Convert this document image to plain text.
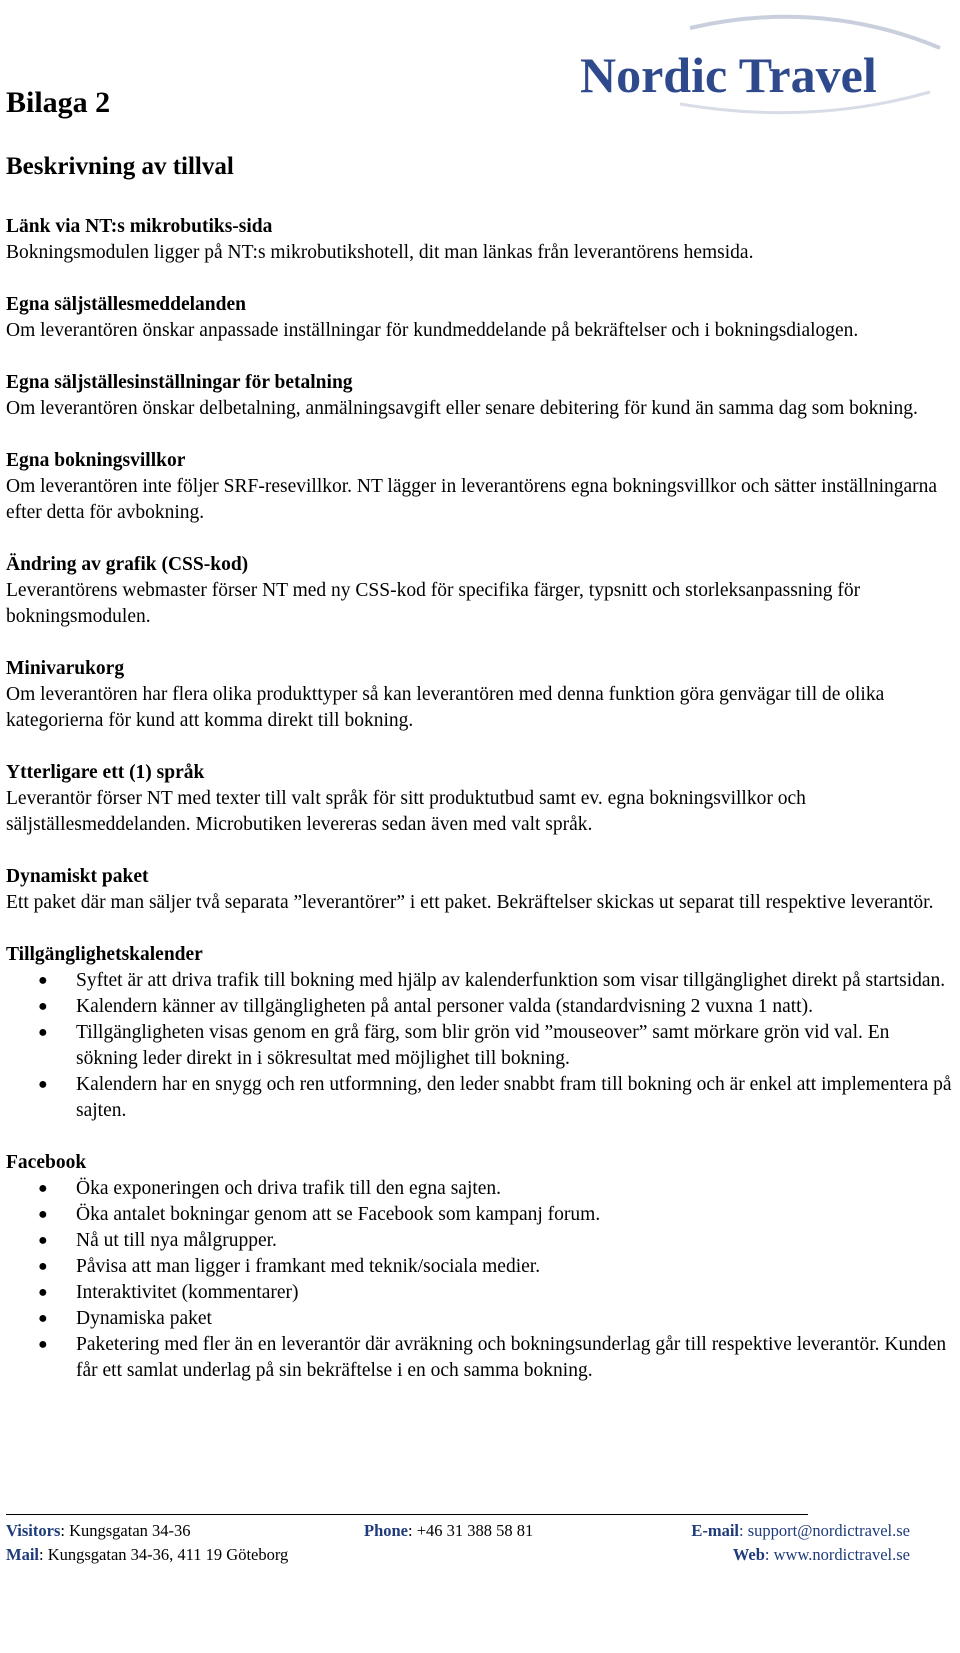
Nordic Travel
Bilaga 2
Beskrivning av tillval

Länk via NT:s mikrobutiks-sida

Bokningsmodulen ligger på NT:s mikrobutikshotell, dit man länkas från leverantörens hemsida.

Egna säljställesmeddelanden

Om leverantören önskar anpassade inställningar för kundmeddelande på bekräftelser och i bokningsdialogen.

Egna säljställesinställningar för betalning

Om leverantören önskar delbetalning, anmälningsavgift eller senare debitering för kund än samma dag som bokning.

Egna bokningsvillkor

Om leverantören inte följer SRF-resevillkor. NT lägger in leverantörens egna bokningsvillkor och sätter inställningarna efter detta för avbokning.

Ändring av grafik (CSS-kod)

Leverantörens webmaster förser NT med ny CSS-kod för specifika färger, typsnitt och storleksanpassning för bokningsmodulen.

Minivarukorg

Om leverantören har flera olika produkttyper så kan leverantören med denna funktion göra genvägar till de olika kategorierna för kund att komma direkt till bokning.

Ytterligare ett (1) språk

Leverantör förser NT med texter till valt språk för sitt produktutbud samt ev. egna bokningsvillkor och säljställesmeddelanden. Microbutiken levereras sedan även med valt språk.

Dynamiskt paket

Ett paket där man säljer två separata ”leverantörer” i ett paket. Bekräftelser skickas ut separat till respektive leverantör.

Tillgänglighetskalender

● Syftet är att driva trafik till bokning med hjälp av kalenderfunktion som visar tillgänglighet direkt på startsidan.
● Kalendern känner av tillgängligheten på antal personer valda (standardvisning 2 vuxna 1 natt).
● Tillgängligheten visas genom en grå färg, som blir grön vid ”mouseover” samt mörkare grön vid val. En sökning leder direkt in i sökresultat med möjlighet till bokning.
● Kalendern har en snygg och ren utformning, den leder snabbt fram till bokning och är enkel att implementera på sajten.

Facebook

● Öka exponeringen och driva trafik till den egna sajten.
● Öka antalet bokningar genom att se Facebook som kampanj forum.
● Nå ut till nya målgrupper.
● Påvisa att man ligger i framkant med teknik/sociala medier.
● Interaktivitet (kommentarer)
● Dynamiska paket
● Paketering med fler än en leverantör där avräkning och bokningsunderlag går till respektive leverantör. Kunden får ett samlat underlag på sin bekräftelse i en och samma bokning.
Visitors: Kungsgatan 34-36	Phone: +46 31 388 58 81	E-mail: support@nordictravel.se
Mail: Kungsgatan 34-36, 411 19 Göteborg	Web: www.nordictravel.se
